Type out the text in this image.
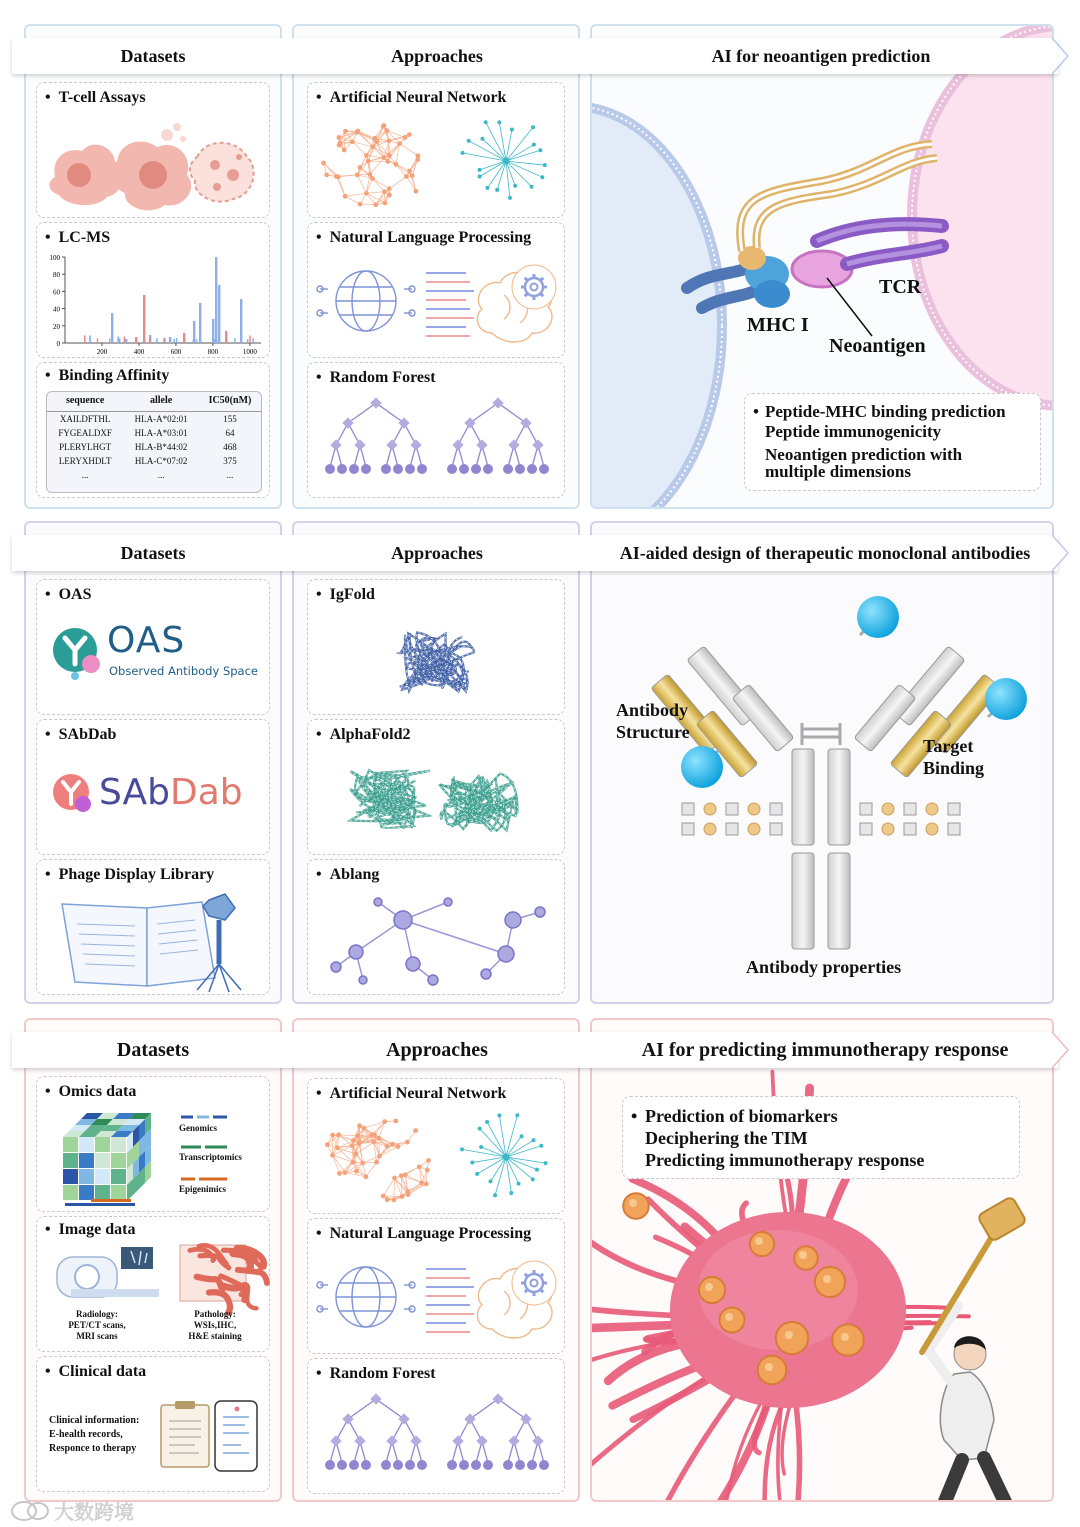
TCR
MHC I
Neoantigen
Datasets	Approaches	AI for neoantigen prediction
• T-cell Assays
• LC-MS
0
20
40
60
80
100
200	400	600	800	1000
• Binding Affinity
sequence	allele	IC50(nM)
XAILDFTHL	HLA-A*02:01	155
FYGEALDXF	HLA-A*03:01	64
PLERYLHGT	HLA-B*44:02	468
LERYXHDLT	HLA-C*07:02	375
...	...	...
• Artificial Neural Network
• Natural Language Processing
• Random Forest
• Peptide-MHC binding prediction
Peptide immunogenicity
Neoantigen prediction with
multiple dimensions
Antibody
Structure
Target
Binding
Antibody properties
Datasets	Approaches	AI-aided design of therapeutic monoclonal antibodies
• OAS
OAS
Observed Antibody Space
• SAbDab
SAbDab
• Phage Display Library
• IgFold
• AlphaFold2
• Ablang
Datasets	Approaches	AI for predicting immunotherapy response
• Omics data
Genomics
Transcriptomics
Epigenimics
• Image data
Radiology:
PET/CT scans,
MRI scans
Pathology:
WSIs,IHC,
H&E staining
• Clinical data
Clinical information:
E-health records,
Responce to therapy
• Artificial Neural Network
• Natural Language Processing
• Random Forest
• Prediction of biomarkers
Deciphering the TIM
Predicting immunotherapy response
大数跨境
